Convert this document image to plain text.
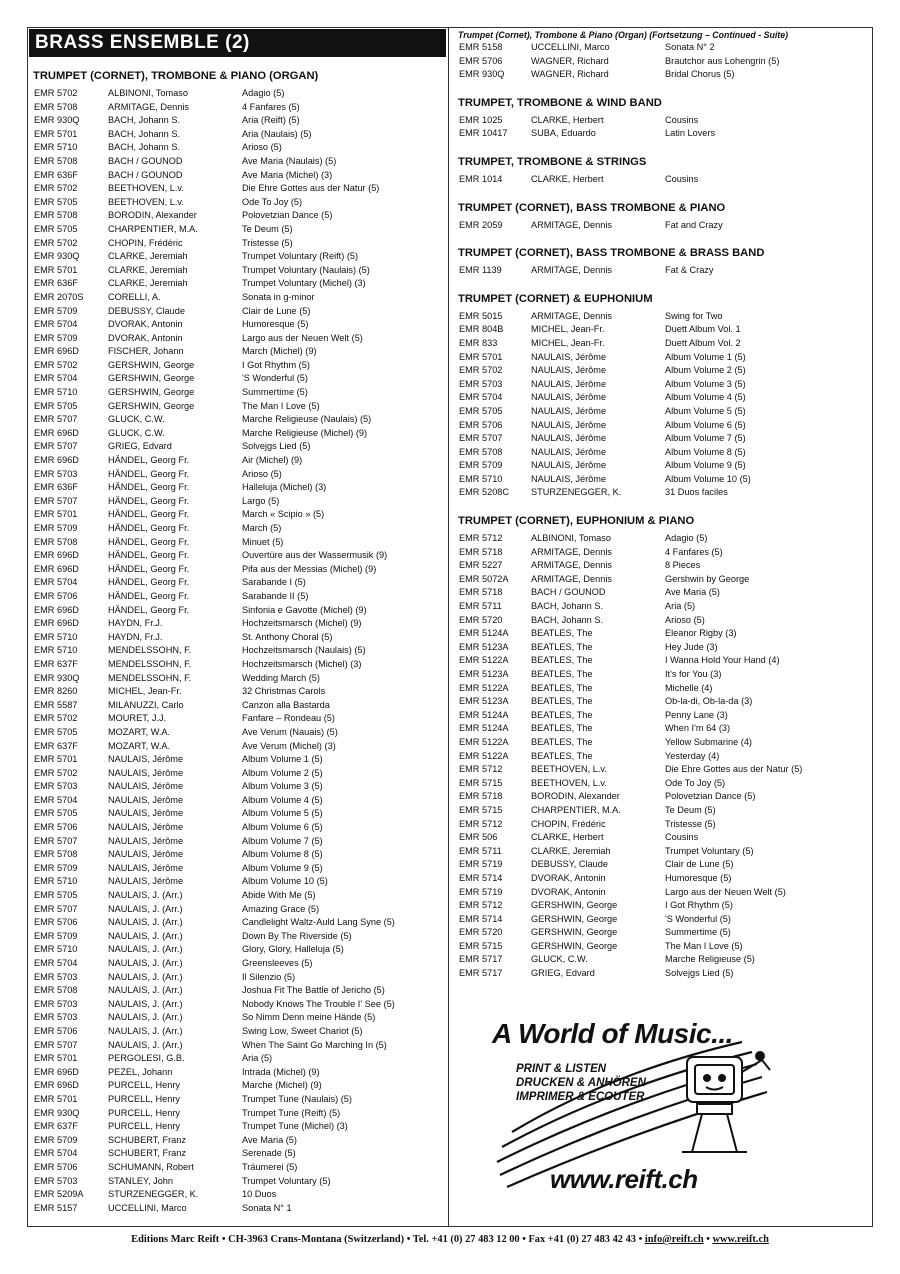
BRASS ENSEMBLE (2)
TRUMPET (CORNET), TROMBONE & PIANO (ORGAN)
EMR 5702	ALBINONI, Tomaso	Adagio (5)
EMR 5708	ARMITAGE, Dennis	4 Fanfares (5)
EMR 930Q	BACH, Johann S.	Aria (Reift) (5)
EMR 5701	BACH, Johann S.	Aria (Naulais) (5)
EMR 5710	BACH, Johann S.	Arioso (5)
EMR 5708	BACH / GOUNOD	Ave Maria (Naulais) (5)
EMR 636F	BACH / GOUNOD	Ave Maria (Michel) (3)
EMR 5702	BEETHOVEN, L.v.	Die Ehre Gottes aus der Natur (5)
EMR 5705	BEETHOVEN, L.v.	Ode To Joy (5)
EMR 5708	BORODIN, Alexander	Polovetzian Dance (5)
EMR 5705	CHARPENTIER, M.A.	Te Deum (5)
EMR 5702	CHOPIN, Frédéric	Tristesse (5)
EMR 930Q	CLARKE, Jeremiah	Trumpet Voluntary (Reift) (5)
EMR 5701	CLARKE, Jeremiah	Trumpet Voluntary (Naulais) (5)
EMR 636F	CLARKE, Jeremiah	Trumpet Voluntary (Michel) (3)
EMR 2070S	CORELLI, A.	Sonata in g-minor
EMR 5709	DEBUSSY, Claude	Clair de Lune (5)
EMR 5704	DVORAK, Antonin	Humoresque (5)
EMR 5709	DVORAK, Antonin	Largo aus der Neuen Welt (5)
EMR 696D	FISCHER, Johann	March (Michel) (9)
EMR 5702	GERSHWIN, George	I Got Rhythm (5)
EMR 5704	GERSHWIN, George	'S Wonderful (5)
EMR 5710	GERSHWIN, George	Summertime (5)
EMR 5705	GERSHWIN, George	The Man I Love (5)
EMR 5707	GLUCK, C.W.	Marche Religieuse (Naulais) (5)
EMR 696D	GLUCK, C.W.	Marche Religieuse (Michel) (9)
EMR 5707	GRIEG, Edvard	Solvejgs Lied (5)
EMR 696D	HÄNDEL, Georg Fr.	Air (Michel) (9)
EMR 5703	HÄNDEL, Georg Fr.	Arioso (5)
EMR 636F	HÄNDEL, Georg Fr.	Halleluja (Michel) (3)
EMR 5707	HÄNDEL, Georg Fr.	Largo (5)
EMR 5701	HÄNDEL, Georg Fr.	March « Scipio » (5)
EMR 5709	HÄNDEL, Georg Fr.	March (5)
EMR 5708	HÄNDEL, Georg Fr.	Minuet (5)
EMR 696D	HÄNDEL, Georg Fr.	Ouvertüre aus der Wassermusik (9)
EMR 696D	HÄNDEL, Georg Fr.	Pifa aus der Messias (Michel) (9)
EMR 5704	HÄNDEL, Georg Fr.	Sarabande I (5)
EMR 5706	HÄNDEL, Georg Fr.	Sarabande II (5)
EMR 696D	HÄNDEL, Georg Fr.	Sinfonia e Gavotte (Michel) (9)
EMR 696D	HAYDN, Fr.J.	Hochzeitsmarsch (Michel) (9)
EMR 5710	HAYDN, Fr.J.	St. Anthony Choral (5)
EMR 5710	MENDELSSOHN, F.	Hochzeitsmarsch (Naulais) (5)
EMR 637F	MENDELSSOHN, F.	Hochzeitsmarsch (Michel) (3)
EMR 930Q	MENDELSSOHN, F.	Wedding March (5)
EMR 8260	MICHEL, Jean-Fr.	32 Christmas Carols
EMR 5587	MILANUZZI, Carlo	Canzon alla Bastarda
EMR 5702	MOURET, J.J.	Fanfare – Rondeau (5)
EMR 5705	MOZART, W.A.	Ave Verum (Nauais) (5)
EMR 637F	MOZART, W.A.	Ave Verum (Michel) (3)
EMR 5701	NAULAIS, Jérôme	Album Volume 1 (5)
EMR 5702	NAULAIS, Jérôme	Album Volume 2 (5)
EMR 5703	NAULAIS, Jérôme	Album Volume 3 (5)
EMR 5704	NAULAIS, Jérôme	Album Volume 4 (5)
EMR 5705	NAULAIS, Jérôme	Album Volume 5 (5)
EMR 5706	NAULAIS, Jérôme	Album Volume 6 (5)
EMR 5707	NAULAIS, Jérôme	Album Volume 7 (5)
EMR 5708	NAULAIS, Jérôme	Album Volume 8 (5)
EMR 5709	NAULAIS, Jérôme	Album Volume 9 (5)
EMR 5710	NAULAIS, Jérôme	Album Volume 10 (5)
EMR 5705	NAULAIS, J. (Arr.)	Abide With Me (5)
EMR 5707	NAULAIS, J. (Arr.)	Amazing Grace (5)
EMR 5706	NAULAIS, J. (Arr.)	Candlelight Waltz-Auld Lang Syne (5)
EMR 5709	NAULAIS, J. (Arr.)	Down By The Riverside (5)
EMR 5710	NAULAIS, J. (Arr.)	Glory, Glory, Halleluja (5)
EMR 5704	NAULAIS, J. (Arr.)	Greensleeves (5)
EMR 5703	NAULAIS, J. (Arr.)	Il Silenzio (5)
EMR 5708	NAULAIS, J. (Arr.)	Joshua Fit The Battle of Jericho (5)
EMR 5703	NAULAIS, J. (Arr.)	Nobody Knows The Trouble I' See (5)
EMR 5703	NAULAIS, J. (Arr.)	So Nimm Denn meine Hände (5)
EMR 5706	NAULAIS, J. (Arr.)	Swing Low, Sweet Chariot (5)
EMR 5707	NAULAIS, J. (Arr.)	When The Saint Go Marching In (5)
EMR 5701	PERGOLESI, G.B.	Aria (5)
EMR 696D	PEZEL, Johann	Intrada (Michel) (9)
EMR 696D	PURCELL, Henry	Marche (Michel) (9)
EMR 5701	PURCELL, Henry	Trumpet Tune (Naulais) (5)
EMR 930Q	PURCELL, Henry	Trumpet Tune (Reift) (5)
EMR 637F	PURCELL, Henry	Trumpet Tune (Michel) (3)
EMR 5709	SCHUBERT, Franz	Ave Maria (5)
EMR 5704	SCHUBERT, Franz	Serenade (5)
EMR 5706	SCHUMANN, Robert	Träumerei (5)
EMR 5703	STANLEY, John	Trumpet Voluntary (5)
EMR 5209A	STURZENEGGER, K.	10 Duos
EMR 5157	UCCELLINI, Marco	Sonata N° 1
Trumpet (Cornet), Trombone & Piano (Organ) (Fortsetzung – Continued - Suite)
EMR 5158	UCCELLINI, Marco	Sonata N° 2
EMR 5706	WAGNER, Richard	Brautchor aus Lohengrin (5)
EMR 930Q	WAGNER, Richard	Bridal Chorus (5)
TRUMPET, TROMBONE & WIND BAND
EMR 1025	CLARKE, Herbert	Cousins
EMR 10417	SUBA, Eduardo	Latin Lovers
TRUMPET, TROMBONE & STRINGS
EMR 1014	CLARKE, Herbert	Cousins
TRUMPET (CORNET), BASS TROMBONE & PIANO
EMR 2059	ARMITAGE, Dennis	Fat and Crazy
TRUMPET (CORNET), BASS TROMBONE & BRASS BAND
EMR 1139	ARMITAGE, Dennis	Fat & Crazy
TRUMPET (CORNET) & EUPHONIUM
EMR 5015	ARMITAGE, Dennis	Swing for Two
EMR 804B	MICHEL, Jean-Fr.	Duett Album Vol. 1
EMR 833	MICHEL, Jean-Fr.	Duett Album Vol. 2
EMR 5701	NAULAIS, Jérôme	Album Volume 1 (5)
EMR 5702	NAULAIS, Jérôme	Album Volume 2 (5)
EMR 5703	NAULAIS, Jérôme	Album Volume 3 (5)
EMR 5704	NAULAIS, Jérôme	Album Volume 4 (5)
EMR 5705	NAULAIS, Jérôme	Album Volume 5 (5)
EMR 5706	NAULAIS, Jérôme	Album Volume 6 (5)
EMR 5707	NAULAIS, Jérôme	Album Volume 7 (5)
EMR 5708	NAULAIS, Jérôme	Album Volume 8 (5)
EMR 5709	NAULAIS, Jérôme	Album Volume 9 (5)
EMR 5710	NAULAIS, Jérôme	Album Volume 10 (5)
EMR 5208C	STURZENEGGER, K.	31 Duos faciles
TRUMPET (CORNET), EUPHONIUM & PIANO
EMR 5712	ALBINONI, Tomaso	Adagio (5)
EMR 5718	ARMITAGE, Dennis	4 Fanfares (5)
EMR 5227	ARMITAGE, Dennis	8 Pieces
EMR 5072A	ARMITAGE, Dennis	Gershwin by George
EMR 5718	BACH / GOUNOD	Ave Maria (5)
EMR 5711	BACH, Johann S.	Aria (5)
EMR 5720	BACH, Johann S.	Arioso (5)
EMR 5124A	BEATLES, The	Eleanor Rigby (3)
EMR 5123A	BEATLES, The	Hey Jude (3)
EMR 5122A	BEATLES, The	I Wanna Hold Your Hand (4)
EMR 5123A	BEATLES, The	It's for You (3)
EMR 5122A	BEATLES, The	Michelle (4)
EMR 5123A	BEATLES, The	Ob-la-di, Ob-la-da (3)
EMR 5124A	BEATLES, The	Penny Lane (3)
EMR 5124A	BEATLES, The	When I'm 64 (3)
EMR 5122A	BEATLES, The	Yellow Submarine (4)
EMR 5122A	BEATLES, The	Yesterday (4)
EMR 5712	BEETHOVEN, L.v.	Die Ehre Gottes aus der Natur (5)
EMR 5715	BEETHOVEN, L.v.	Ode To Joy (5)
EMR 5718	BORODIN, Alexander	Polovetzian Dance (5)
EMR 5715	CHARPENTIER, M.A.	Te Deum (5)
EMR 5712	CHOPIN, Frédéric	Tristesse (5)
EMR 506	CLARKE, Herbert	Cousins
EMR 5711	CLARKE, Jeremiah	Trumpet Voluntary (5)
EMR 5719	DEBUSSY, Claude	Clair de Lune (5)
EMR 5714	DVORAK, Antonin	Humoresque (5)
EMR 5719	DVORAK, Antonin	Largo aus der Neuen Welt (5)
EMR 5712	GERSHWIN, George	I Got Rhythm (5)
EMR 5714	GERSHWIN, George	'S Wonderful (5)
EMR 5720	GERSHWIN, George	Summertime (5)
EMR 5715	GERSHWIN, George	The Man I Love (5)
EMR 5717	GLUCK, C.W.	Marche Religieuse (5)
EMR 5717	GRIEG, Edvard	Solvejgs Lied (5)
A World of Music...
PRINT & LISTEN
DRUCKEN & ANHÖREN
IMPRIMER & ECOUTER
www.reift.ch
Editions Marc Reift • CH-3963 Crans-Montana (Switzerland) • Tel. +41 (0) 27 483 12 00 • Fax +41 (0) 27 483 42 43 • info@reift.ch • www.reift.ch
